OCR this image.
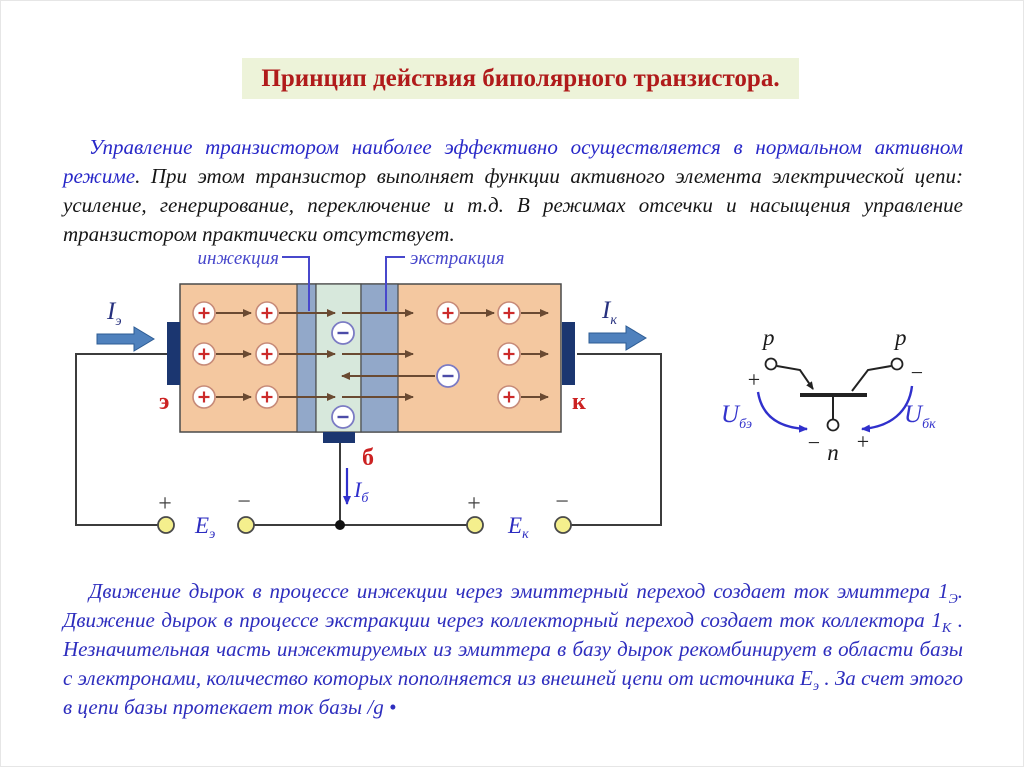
Принцип действия биполярного транзистора.

Управление транзистором наиболее эффективно осуществляется в нормальном активном режиме. При этом транзистор выполняет функции активного элемента электрической цепи: усиление, генерирование, переключение и т.д. В режимах отсечки и насыщения управление транзистором практически отсутствует.

инжекция	экстракция
э	к
б
$I_э$	$I_к$
$I_б$
+	−	+	−
$E_э$	$E_к$
p	p
n
+	−
− +
$U_{бэ}$	$U_{бк}$

Движение дырок в процессе инжекции через эмиттерный переход создает ток эмиттера $1_Э$. Движение дырок в процессе экстракции через коллекторный переход создает ток коллектора $1_К$ . Незначительная часть инжектируемых из эмиттера в базу дырок рекомбинирует в области базы с электронами, количество которых пополняется из внешней цепи от источника $E_э$ . За счет этого в цепи базы протекает ток базы /g •
